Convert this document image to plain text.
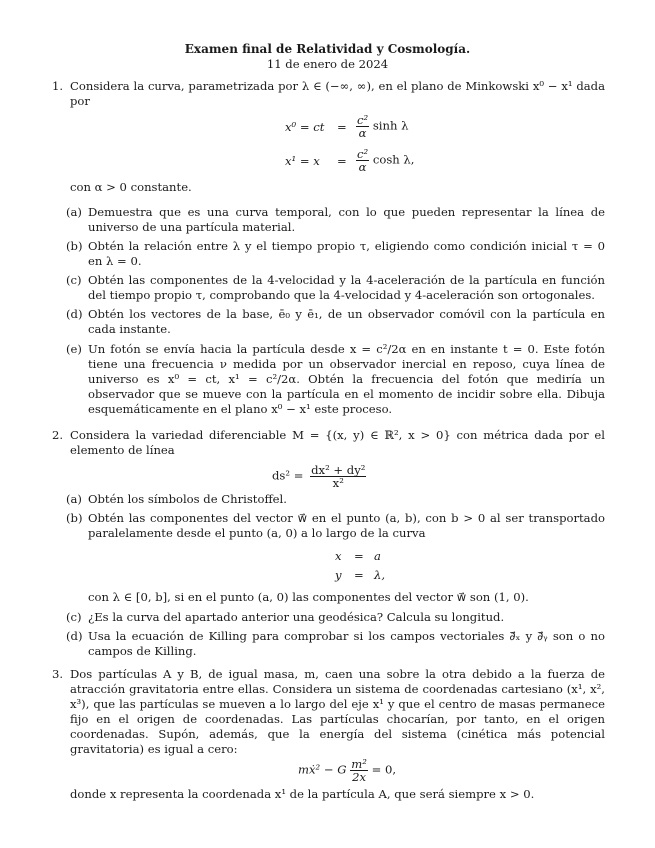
Examen final de Relatividad y Cosmología.
11 de enero de 2024
1. Considera la curva, parametrizada por λ ∈ (−∞, ∞), en el plano de Minkowski x⁰ − x¹ dada por
x⁰ = ct = $\frac{\text{c²}}{\alpha}$ sinh λ
$x^1 = x = \frac{\text{c²}}{\alpha}$ cosh λ,
con α > 0 constante.
(a) Demuestra que es una curva temporal, con lo que pueden representar la línea de universo de una partícula material.
(b) Obtén la relación entre λ y el tiempo propio τ, eligiendo como condición inicial τ = 0 en λ = 0.
(c) Obtén las componentes de la 4-velocidad y la 4-aceleración de la partícula en función del tiempo propio τ, comprobando que la 4-velocidad y 4-aceleración son ortogonales.
(d) Obtén los vectores de la base, ē₀ y ē₁, de un observador comóvil con la partícula en cada instante.
(e) Un fotón se envía hacia la partícula desde x = c²/2α en en instante t = 0. Este fotón tiene una frecuencia ν medida por un observador inercial en reposo, cuya línea de universo es x⁰ = ct, x¹ = c²/2α. Obtén la frecuencia del fotón que mediría un observador que se mueve con la partícula en el momento de incidir sobre ella. Dibuja esquemáticamente en el plano x⁰ − x¹ este proceso.
2. Considera la variedad diferenciable M = {(x, y) ∈ ℝ², x > 0} con métrica dada por el elemento de línea
$ds^2 = \frac{\text{dx² + dy²}}{\text{x²}}$
(a) Obtén los símbolos de Christoffel.
(b) Obtén las componentes del vector w⃗ en el punto (a, b), con b > 0 al ser transportado paralelamente desde el punto (a, 0) a lo largo de la curva
x = a
y = λ,
con λ ∈ [0, b], si en el punto (a, 0) las componentes del vector w⃗ son (1, 0).
(c) ¿Es la curva del apartado anterior una geodésica? Calcula su longitud.
(d) Usa la ecuación de Killing para comprobar si los campos vectoriales ∂⃗ₓ y ∂⃗ᵧ son o no campos de Killing.
3. Dos partículas A y B, de igual masa, m, caen una sobre la otra debido a la fuerza de atracción gravitatoria entre ellas. Considera un sistema de coordenadas cartesiano (x¹, x², x³), que las partículas se mueven a lo largo del eje x¹ y que el centro de masas permanece fijo en el origen de coordenadas. Las partículas chocarían, por tanto, en el origen coordenadas. Supón, además, que la energía del sistema (cinética más potencial gravitatoria) es igual a cero:
mẋ² − G $\frac{\text{m²}}{2x} = 0$,
donde x representa la coordenada x¹ de la partícula A, que será siempre x > 0.
